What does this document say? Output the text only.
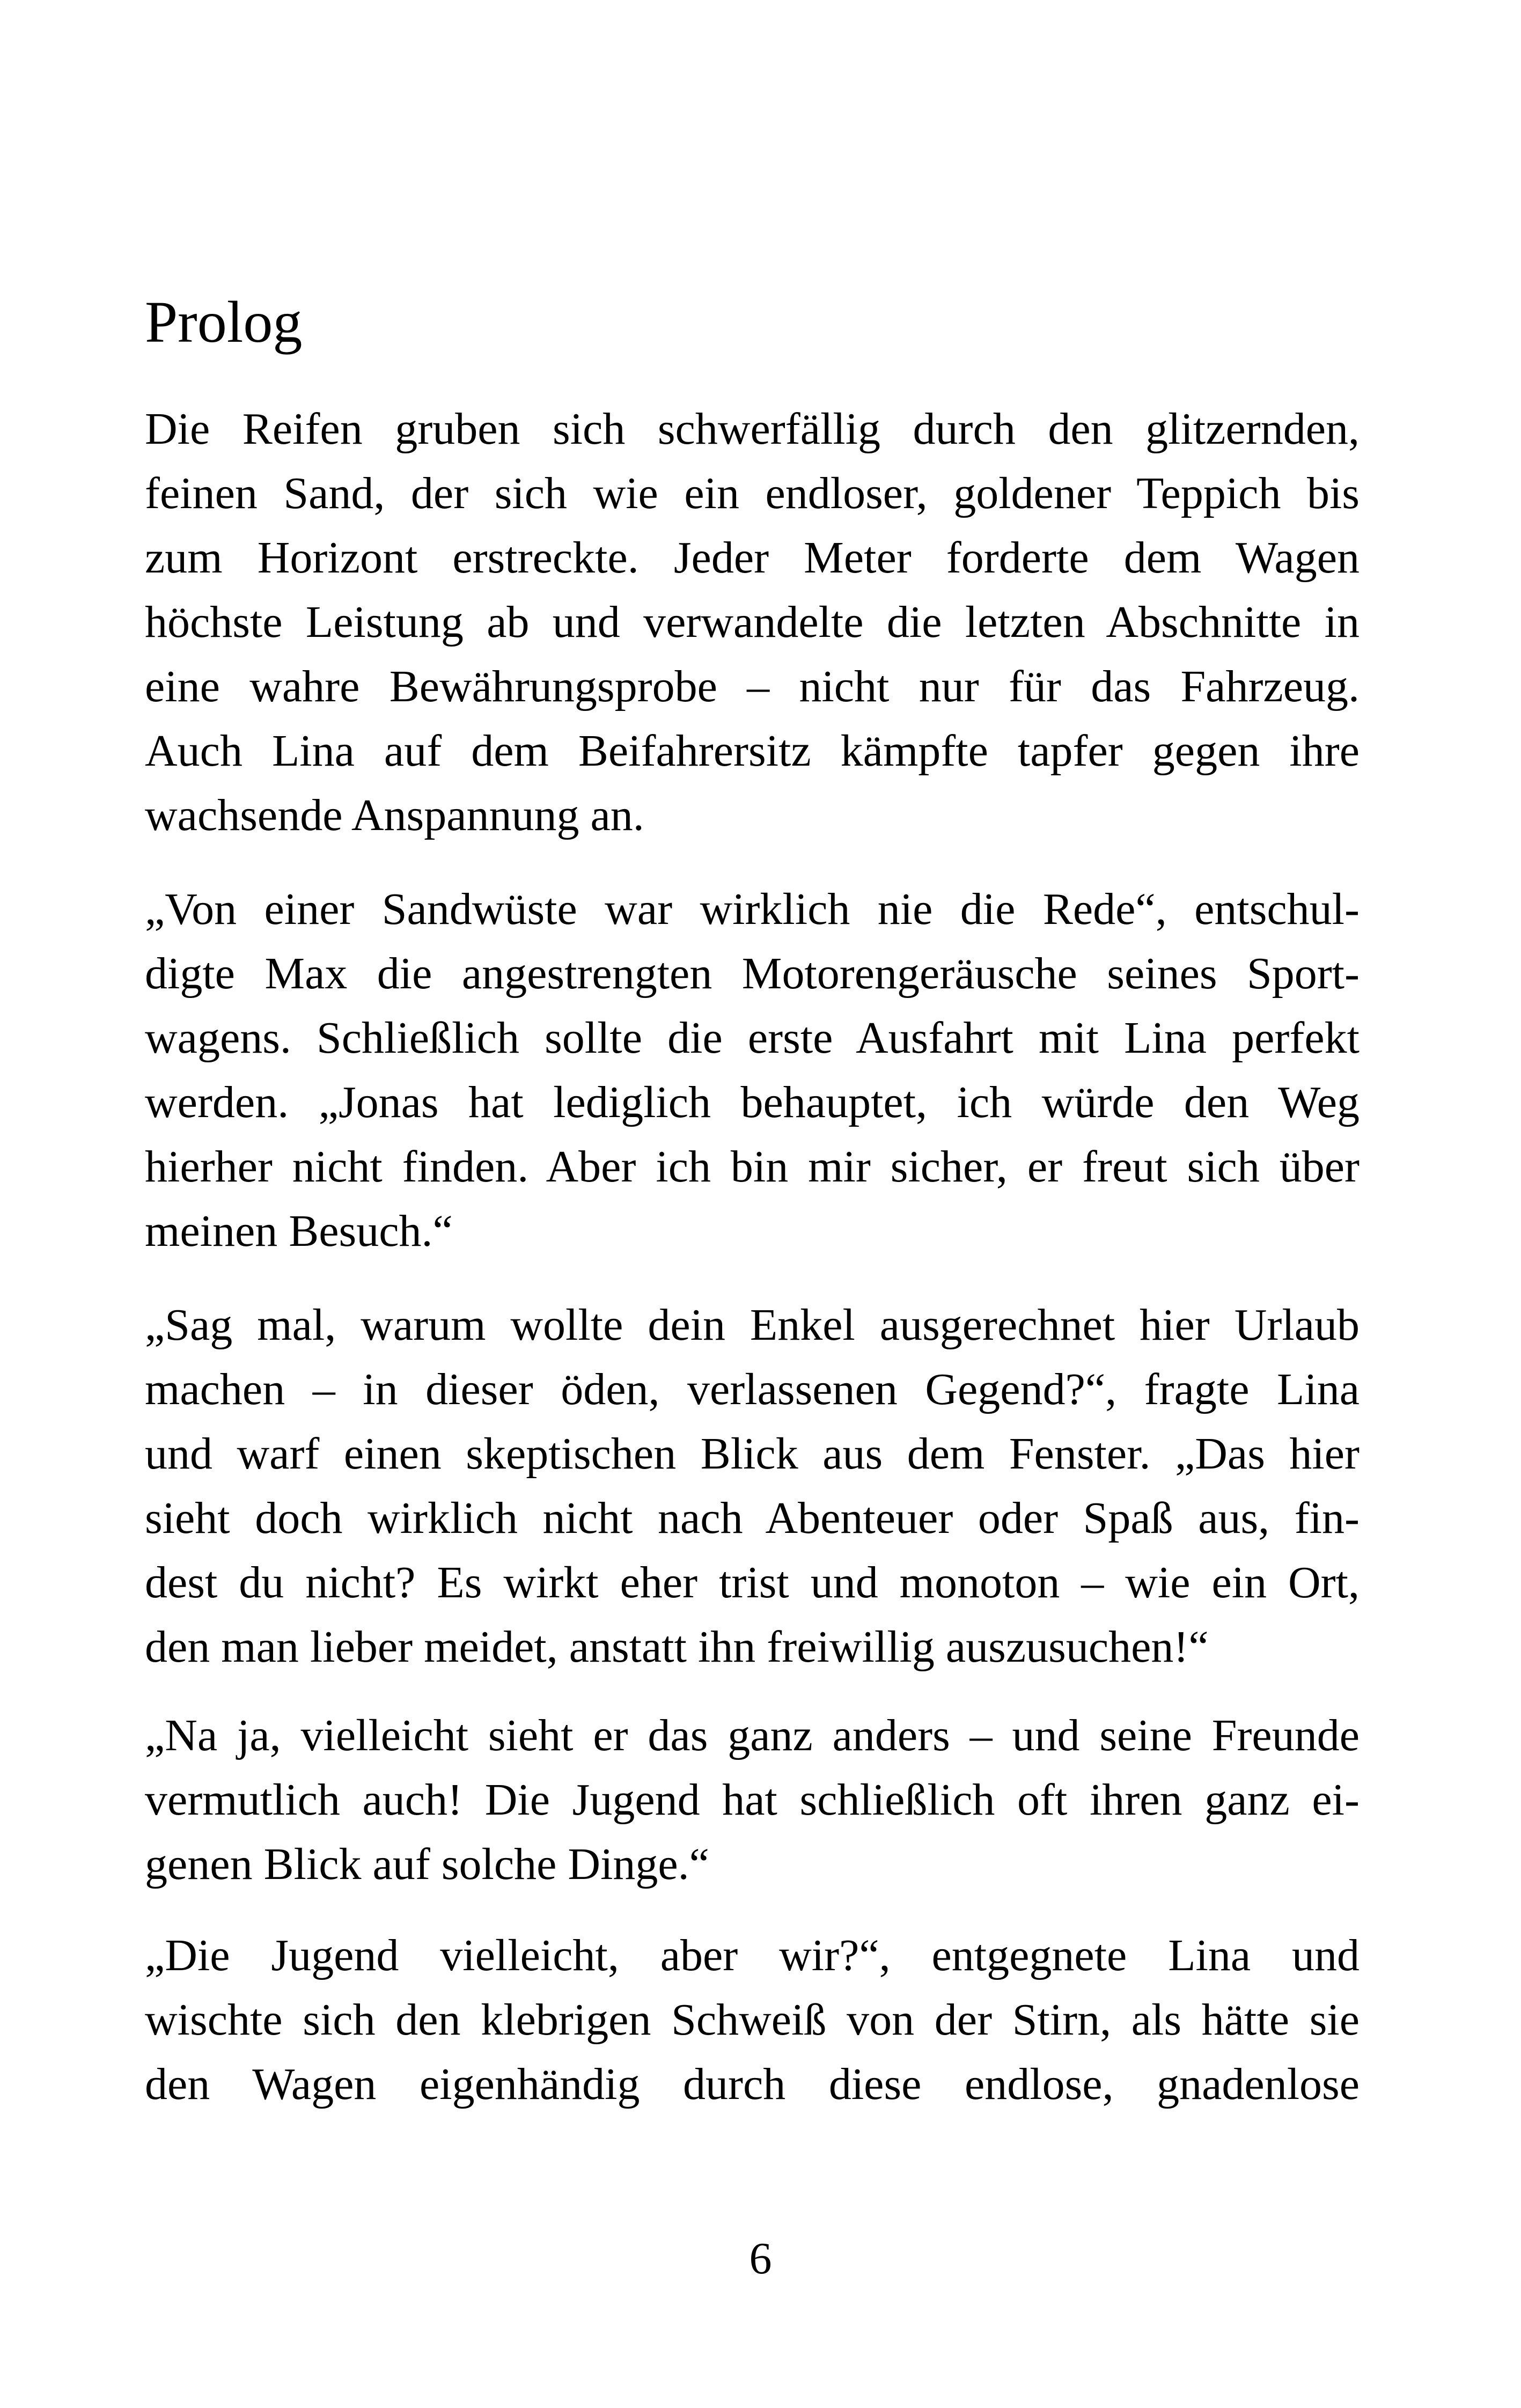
Prolog

Die Reifen gruben sich schwerfällig durch den glitzernden,
feinen Sand, der sich wie ein endloser, goldener Teppich bis
zum Horizont erstreckte. Jeder Meter forderte dem Wagen
höchste Leistung ab und verwandelte die letzten Abschnitte in
eine wahre Bewährungsprobe – nicht nur für das Fahrzeug.
Auch Lina auf dem Beifahrersitz kämpfte tapfer gegen ihre
wachsende Anspannung an.

„Von einer Sandwüste war wirklich nie die Rede“, entschul-
digte Max die angestrengten Motorengeräusche seines Sport-
wagens. Schließlich sollte die erste Ausfahrt mit Lina perfekt
werden. „Jonas hat lediglich behauptet, ich würde den Weg
hierher nicht finden. Aber ich bin mir sicher, er freut sich über
meinen Besuch.“

„Sag mal, warum wollte dein Enkel ausgerechnet hier Urlaub
machen – in dieser öden, verlassenen Gegend?“, fragte Lina
und warf einen skeptischen Blick aus dem Fenster. „Das hier
sieht doch wirklich nicht nach Abenteuer oder Spaß aus, fin-
dest du nicht? Es wirkt eher trist und monoton – wie ein Ort,
den man lieber meidet, anstatt ihn freiwillig auszusuchen!“

„Na ja, vielleicht sieht er das ganz anders – und seine Freunde
vermutlich auch! Die Jugend hat schließlich oft ihren ganz ei-
genen Blick auf solche Dinge.“

„Die Jugend vielleicht, aber wir?“, entgegnete Lina und
wischte sich den klebrigen Schweiß von der Stirn, als hätte sie
den Wagen eigenhändig durch diese endlose, gnadenlose

6
